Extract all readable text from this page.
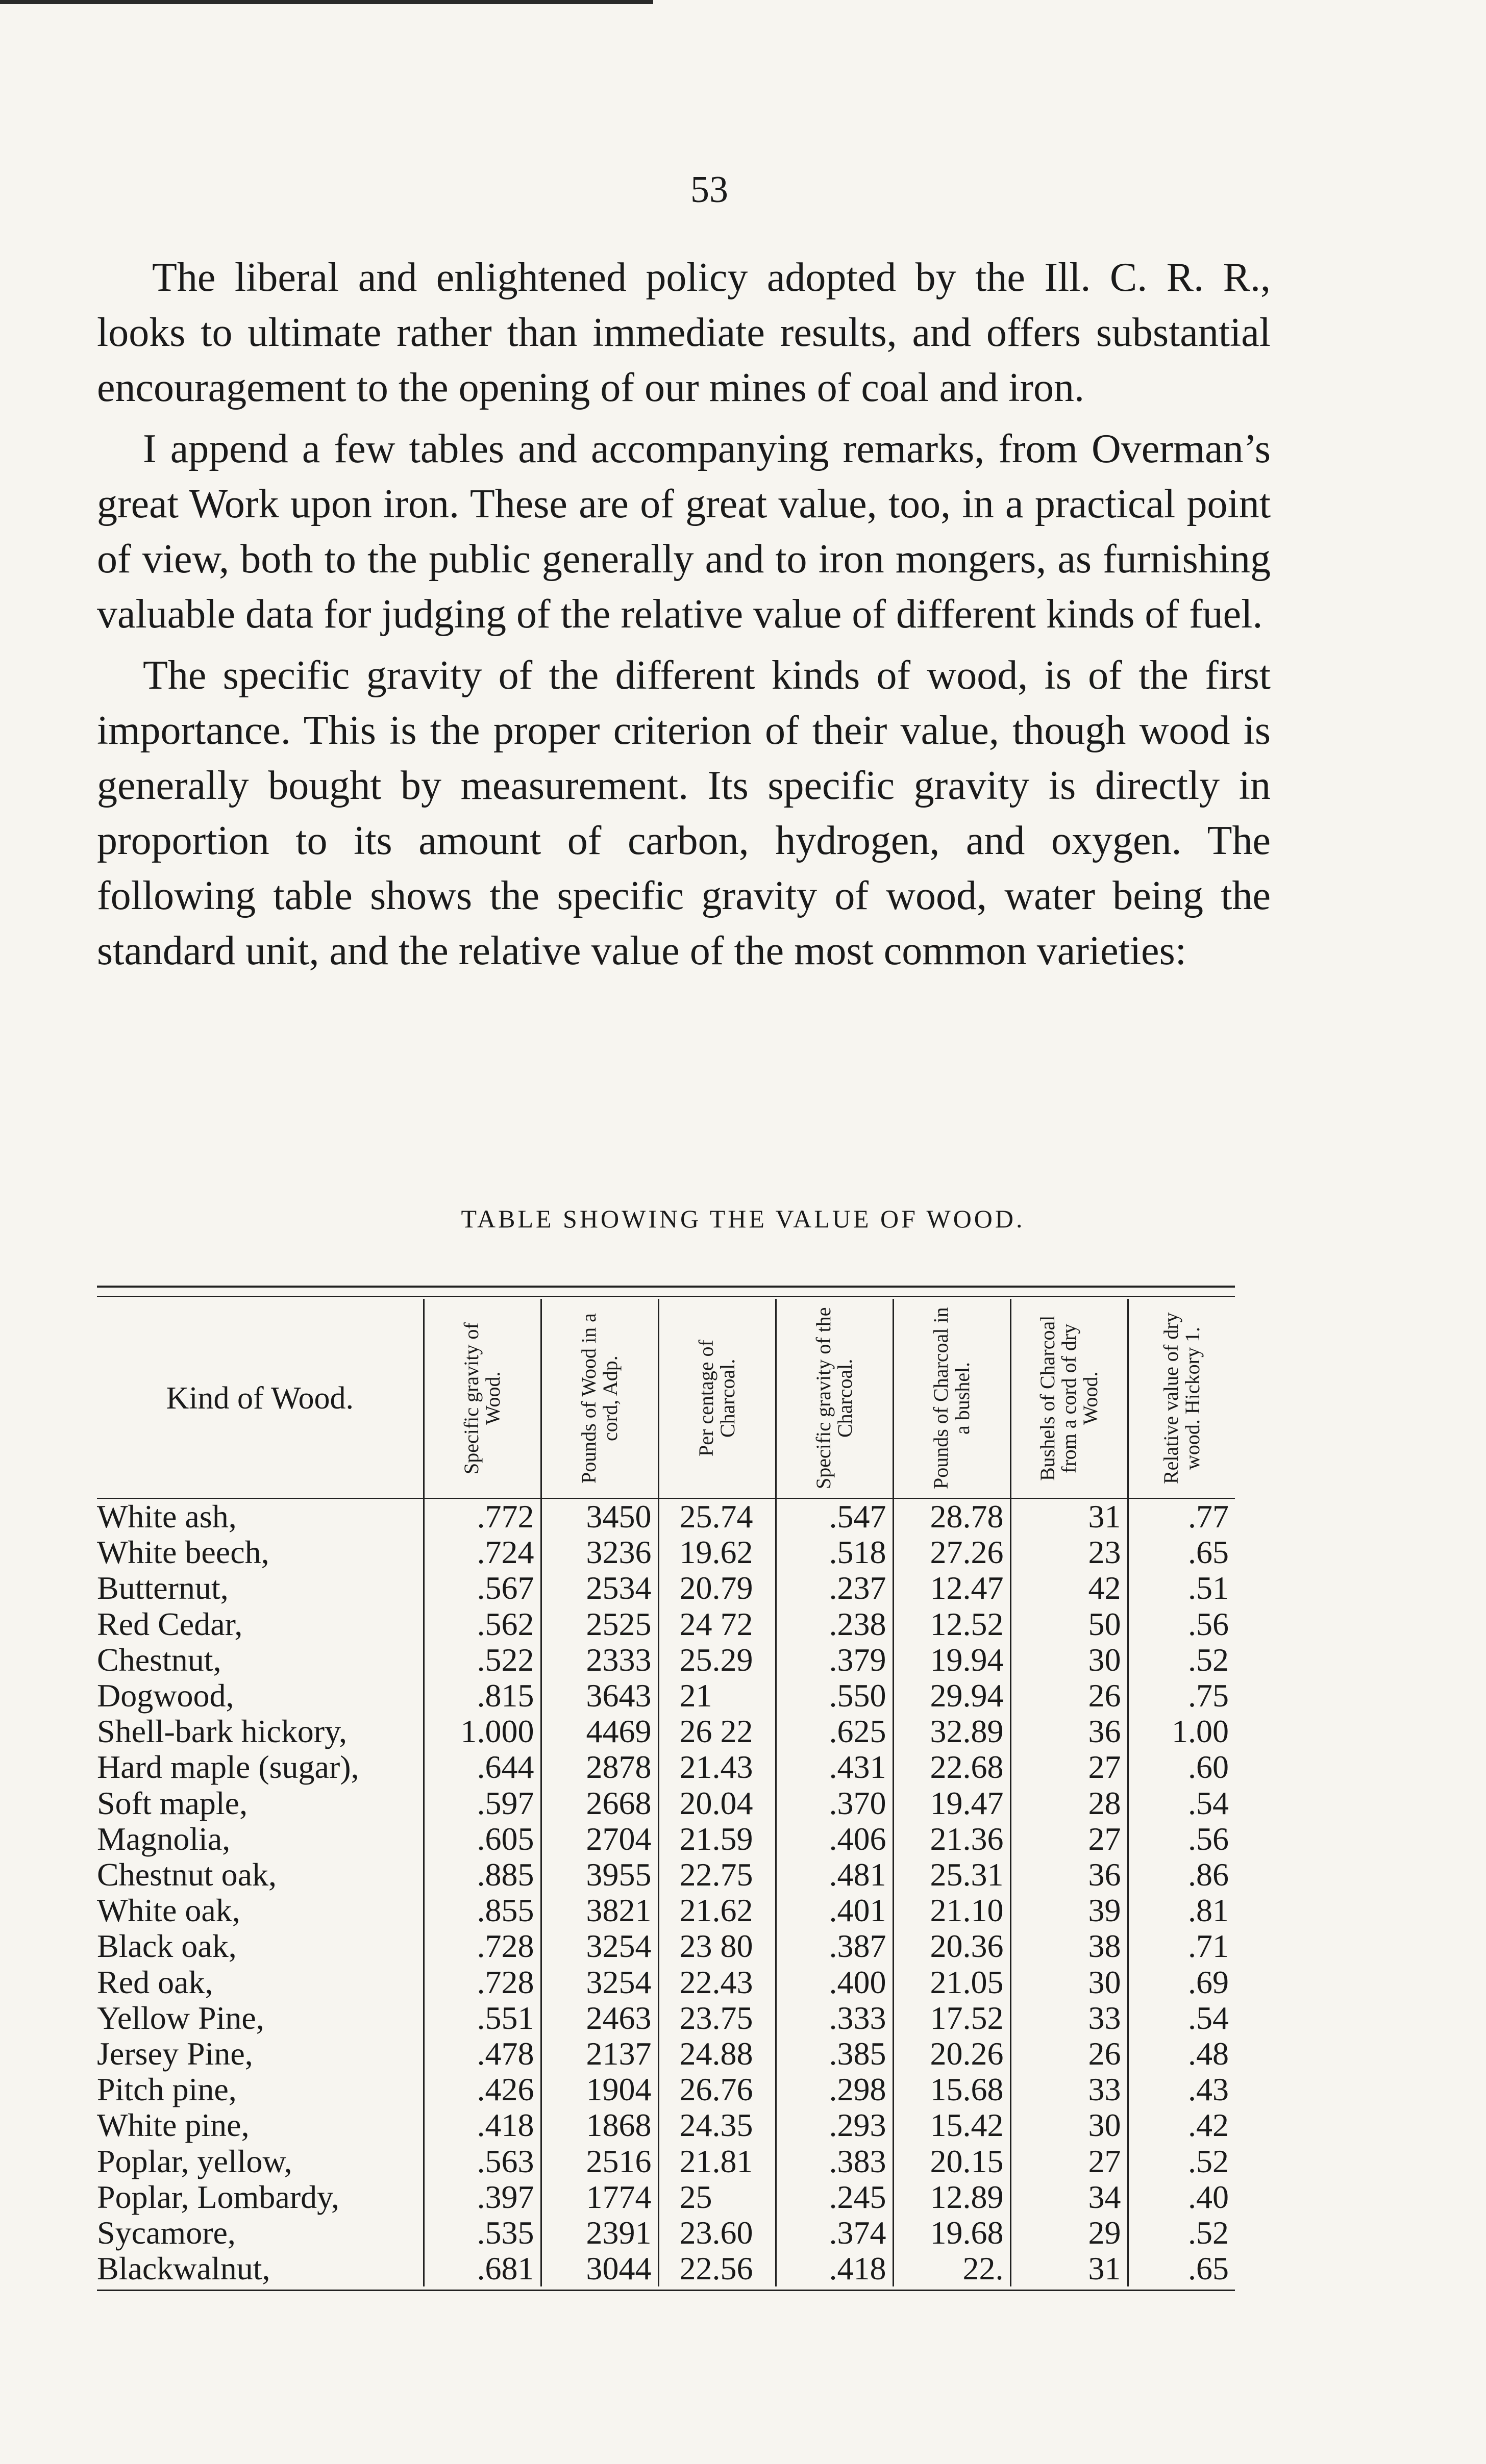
53

The liberal and enlightened policy adopted by the Ill. C. R. R., looks to ultimate rather than immediate results, and offers substantial encouragement to the opening of our mines of coal and iron.

I append a few tables and accompanying remarks, from Overman’s great Work upon iron. These are of great value, too, in a practical point of view, both to the public generally and to iron mongers, as furnishing valuable data for judging of the relative value of different kinds of fuel.

The specific gravity of the different kinds of wood, is of the first importance. This is the proper criterion of their value, though wood is generally bought by measurement. Its specific gravity is directly in proportion to its amount of carbon, hydrogen, and oxygen. The following table shows the specific gravity of wood, water being the standard unit, and the relative value of the most common varieties:

TABLE SHOWING THE VALUE OF WOOD.
Kind of Wood.	Specific gravity of Wood.	Pounds of Wood in a cord, Adp.	Per centage of Charcoal.	Specific gravity of the Charcoal.	Pounds of Charcoal in a bushel.	Bushels of Charcoal from a cord of dry Wood.	Relative value of dry wood. Hickory 1.

White ash,	.772	3450	25.74	.547	28.78	31	.77
White beech,	.724	3236	19.62	.518	27.26	23	.65
Butternut,	.567	2534	20.79	.237	12.47	42	.51
Red Cedar,	.562	2525	24 72	.238	12.52	50	.56
Chestnut,	.522	2333	25.29	.379	19.94	30	.52
Dogwood,	.815	3643	21	.550	29.94	26	.75
Shell-bark hickory,	1.000	4469	26 22	.625	32.89	36	1.00
Hard maple (sugar),	.644	2878	21.43	.431	22.68	27	.60
Soft maple,	.597	2668	20.04	.370	19.47	28	.54
Magnolia,	.605	2704	21.59	.406	21.36	27	.56
Chestnut oak,	.885	3955	22.75	.481	25.31	36	.86
White oak,	.855	3821	21.62	.401	21.10	39	.81
Black oak,	.728	3254	23 80	.387	20.36	38	.71
Red oak,	.728	3254	22.43	.400	21.05	30	.69
Yellow Pine,	.551	2463	23.75	.333	17.52	33	.54
Jersey Pine,	.478	2137	24.88	.385	20.26	26	.48
Pitch pine,	.426	1904	26.76	.298	15.68	33	.43
White pine,	.418	1868	24.35	.293	15.42	30	.42
Poplar, yellow,	.563	2516	21.81	.383	20.15	27	.52
Poplar, Lombardy,	.397	1774	25	.245	12.89	34	.40
Sycamore,	.535	2391	23.60	.374	19.68	29	.52
Blackwalnut,	.681	3044	22.56	.418	22.	31	.65
